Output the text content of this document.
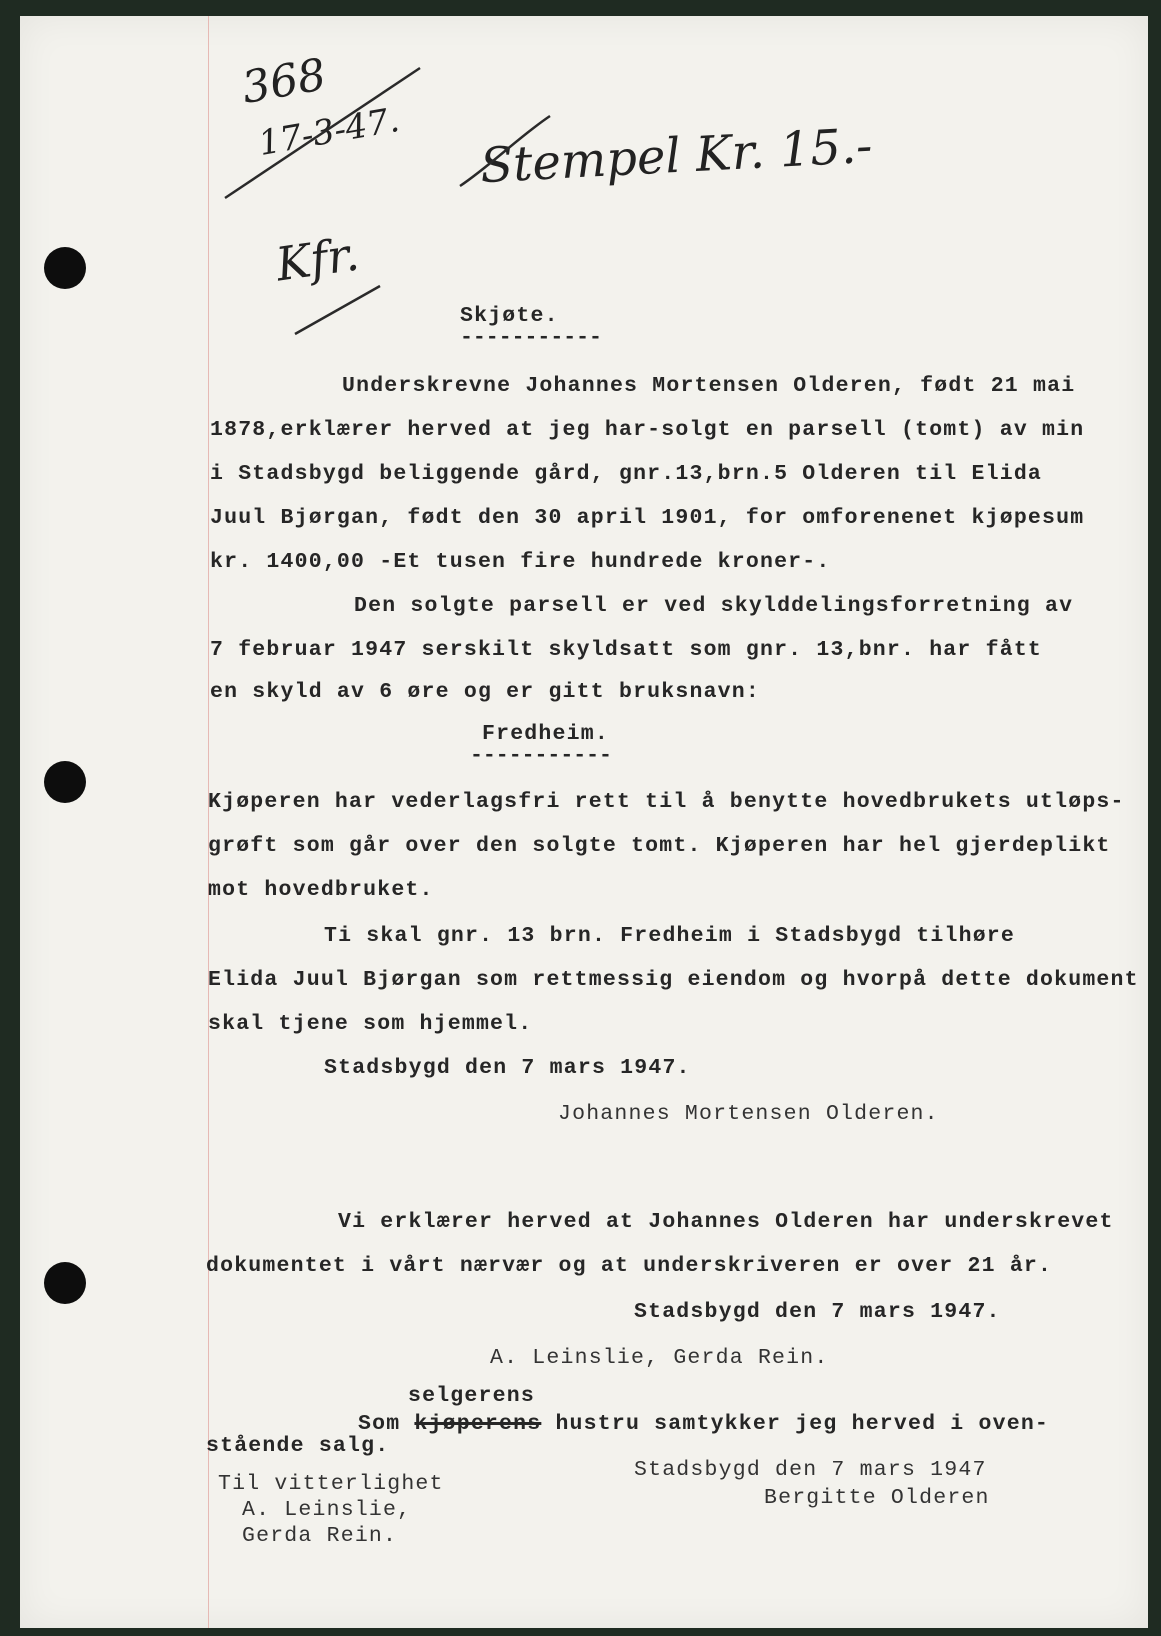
368
17-3-47. Stempel Kr. 15.-
Kfr.
Skjøte.
-----------
Underskrevne Johannes Mortensen Olderen, født 21 mai
1878,erklærer herved at jeg har-solgt en parsell (tomt) av min
i Stadsbygd beliggende gård, gnr.13,brn.5 Olderen til Elida
Juul Bjørgan, født den 30 april 1901, for omforenenet kjøpesum
kr. 1400,00 -Et tusen fire hundrede kroner-.
Den solgte parsell er ved skylddelingsforretning av
7 februar 1947 serskilt skyldsatt som gnr. 13,bnr. har fått
en skyld av 6 øre og er gitt bruksnavn:
Fredheim.
-----------
Kjøperen har vederlagsfri rett til å benytte hovedbrukets utløps-
grøft som går over den solgte tomt. Kjøperen har hel gjerdeplikt
mot hovedbruket.
Ti skal gnr. 13 brn. Fredheim i Stadsbygd tilhøre
Elida Juul Bjørgan som rettmessig eiendom og hvorpå dette dokument
skal tjene som hjemmel.
Stadsbygd den 7 mars 1947.
Johannes Mortensen Olderen.
Vi erklærer herved at Johannes Olderen har underskrevet
dokumentet i vårt nærvær og at underskriveren er over 21 år.
Stadsbygd den 7 mars 1947.
A. Leinslie, Gerda Rein.
selgerens
Som kjøperens hustru samtykker jeg herved i oven-
stående salg.
Stadsbygd den 7 mars 1947
Bergitte Olderen
Til vitterlighet
A. Leinslie,
Gerda Rein.
